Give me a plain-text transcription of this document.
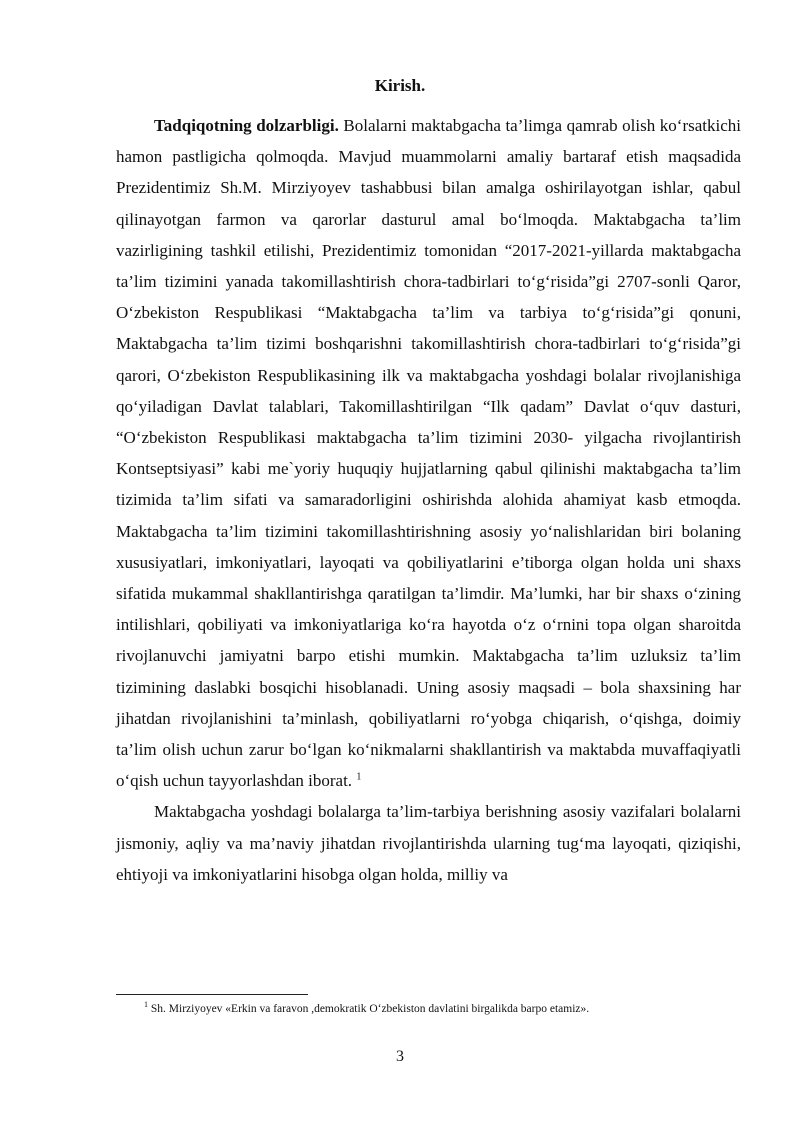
Kirish.

Tadqiqotning dolzarbligi. Bolalarni maktabgacha ta’limga qamrab olish ko‘rsatkichi hamon pastligicha qolmoqda. Mavjud muammolarni amaliy bartaraf etish maqsadida Prezidentimiz Sh.M. Mirziyoyev tashabbusi bilan amalga oshirilayotgan ishlar, qabul qilinayotgan farmon va qarorlar dasturul amal bo‘lmoqda. Maktabgacha ta’lim vazirligining tashkil etilishi, Prezidentimiz tomonidan “2017-2021-yillarda maktabgacha ta’lim tizimini yanada takomillashtirish chora-tadbirlari to‘g‘risida”gi 2707-sonli Qaror, O‘zbekiston Respublikasi “Maktabgacha ta’lim va tarbiya to‘g‘risida”gi qonuni, Maktabgacha ta’lim tizimi boshqarishni takomillashtirish chora-tadbirlari to‘g‘risida”gi qarori, O‘zbekiston Respublikasining ilk va maktabgacha yoshdagi bolalar rivojlanishiga qo‘yiladigan Davlat talablari, Takomillashtirilgan “Ilk qadam” Davlat o‘quv dasturi, “O‘zbekiston Respublikasi maktabgacha ta’lim tizimini 2030- yilgacha rivojlantirish Kontseptsiyasi” kabi me`yoriy huquqiy hujjatlarning qabul qilinishi maktabgacha ta’lim tizimida ta’lim sifati va samaradorligini oshirishda alohida ahamiyat kasb etmoqda. Maktabgacha ta’lim tizimini takomillashtirishning asosiy yo‘nalishlaridan biri bolaning xususiyatlari, imkoniyatlari, layoqati va qobiliyatlarini e’tiborga olgan holda uni shaxs sifatida mukammal shakllantirishga qaratilgan ta’limdir. Ma’lumki, har bir shaxs o‘zining intilishlari, qobiliyati va imkoniyatlariga ko‘ra hayotda o‘z o‘rnini topa olgan sharoitda rivojlanuvchi jamiyatni barpo etishi mumkin. Maktabgacha ta’lim uzluksiz ta’lim tizimining daslabki bosqichi hisoblanadi. Uning asosiy maqsadi – bola shaxsining har jihatdan rivojlanishini ta’minlash, qobiliyatlarni ro‘yobga chiqarish, o‘qishga, doimiy ta’lim olish uchun zarur bo‘lgan ko‘nikmalarni shakllantirish va maktabda muvaffaqiyatli o‘qish uchun tayyorlashdan iborat. $^1$

Maktabgacha yoshdagi bolalarga ta’lim-tarbiya berishning asosiy vazifalari bolalarni jismoniy, aqliy va ma’naviy jihatdan rivojlantirishda ularning tug‘ma layoqati, qiziqishi, ehtiyoji va imkoniyatlarini hisobga olgan holda, milliy va

$^1$ Sh. Mirziyoyev «Erkin va faravon ,demokratik O‘zbekiston davlatini birgalikda barpo etamiz».
3
